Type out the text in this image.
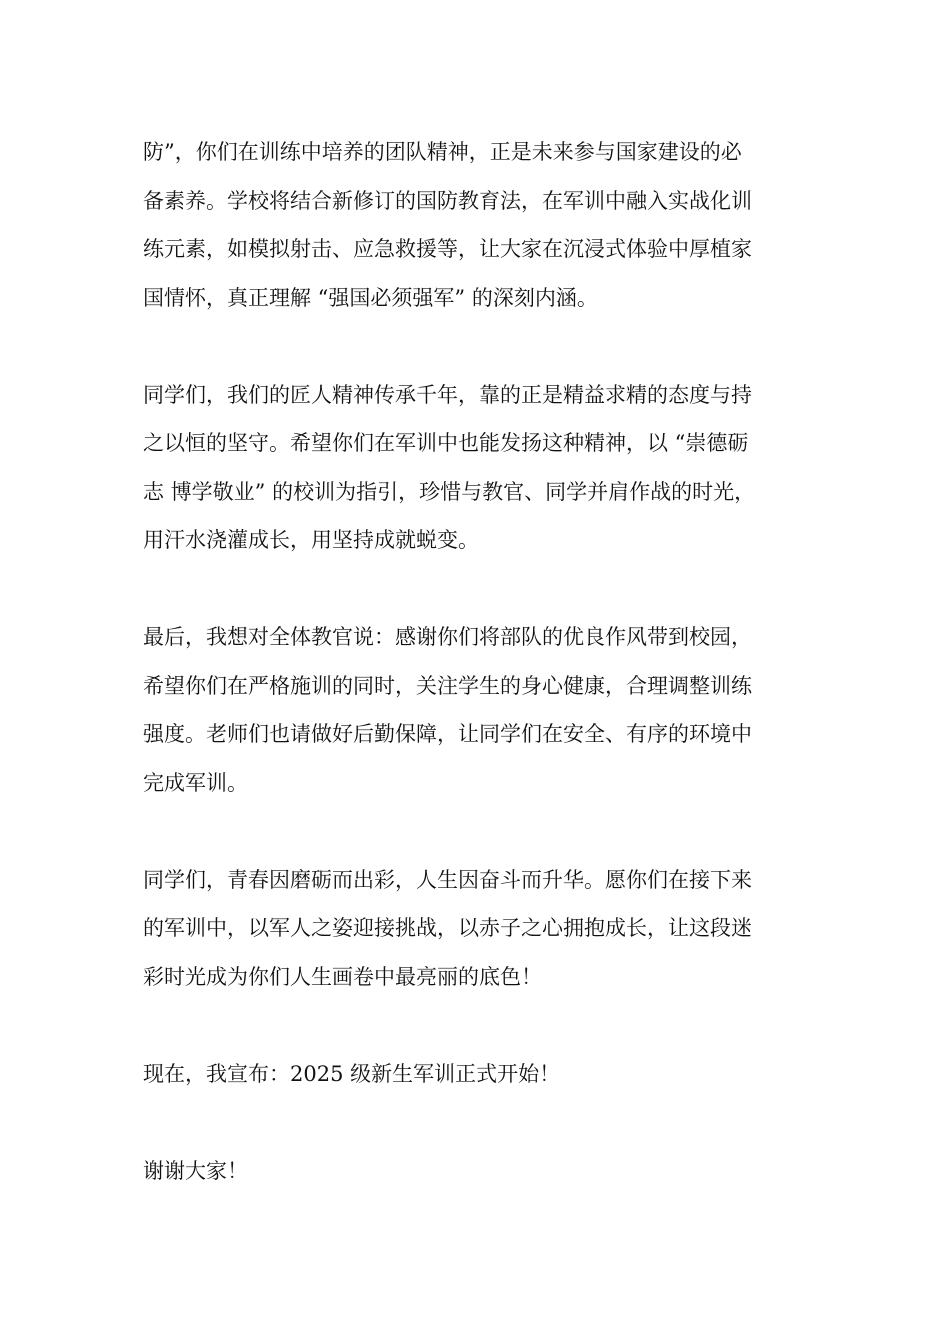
防”，你们在训练中培养的团队精神，正是未来参与国家建设的必
备素养。学校将结合新修订的国防教育法，在军训中融入实战化训
练元素，如模拟射击、应急救援等，让大家在沉浸式体验中厚植家
国情怀，真正理解 “强国必须强军” 的深刻内涵。
同学们，我们的匠人精神传承千年，靠的正是精益求精的态度与持
之以恒的坚守。希望你们在军训中也能发扬这种精神，以 “崇德砺
志 博学敬业” 的校训为指引，珍惜与教官、同学并肩作战的时光，
用汗水浇灌成长，用坚持成就蜕变。
最后，我想对全体教官说：感谢你们将部队的优良作风带到校园，
希望你们在严格施训的同时，关注学生的身心健康，合理调整训练
强度。老师们也请做好后勤保障，让同学们在安全、有序的环境中
完成军训。
同学们，青春因磨砺而出彩，人生因奋斗而升华。愿你们在接下来
的军训中，以军人之姿迎接挑战，以赤子之心拥抱成长，让这段迷
彩时光成为你们人生画卷中最亮丽的底色！
现在，我宣布：2025 级新生军训正式开始！
谢谢大家！
